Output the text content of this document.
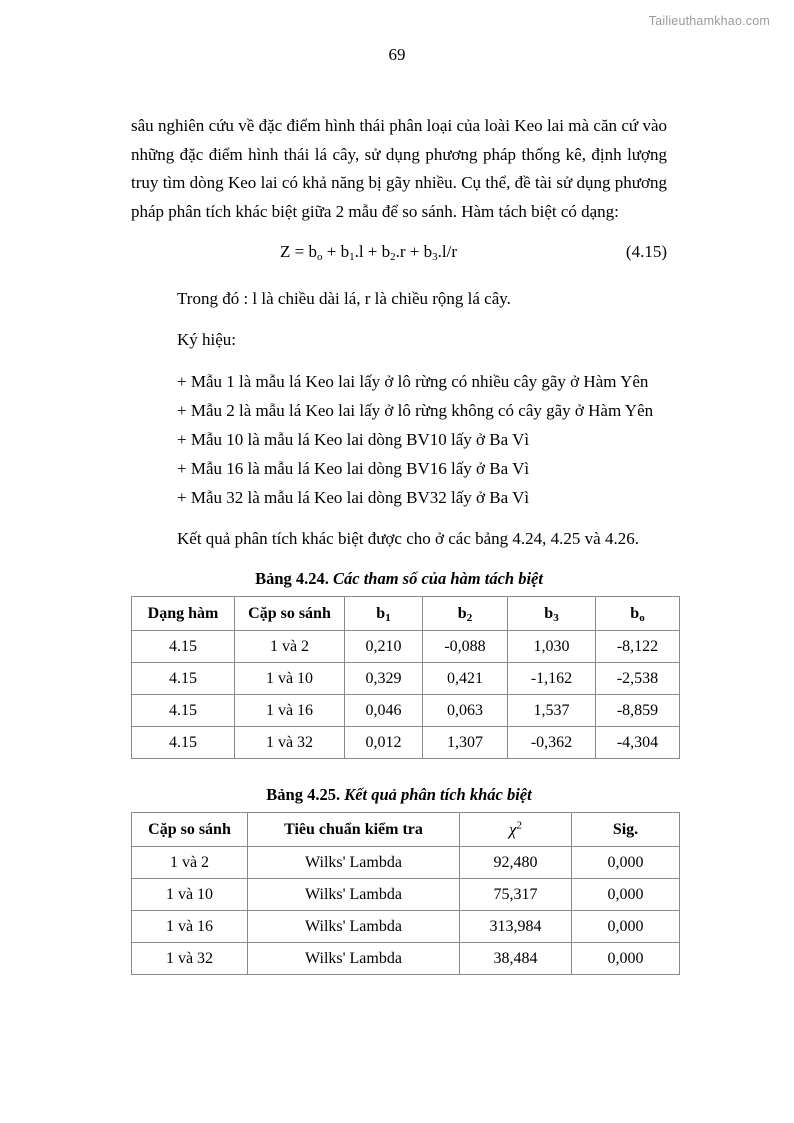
Tailieuthamkhao.com
69

sâu nghiên cứu về đặc điểm hình thái phân loại của loài Keo lai mà căn cứ vào những đặc điểm hình thái lá cây, sử dụng phương pháp thống kê, định lượng truy tìm dòng Keo lai có khả năng bị gãy nhiều. Cụ thể, đề tài sử dụng phương pháp phân tích khác biệt giữa 2 mẫu để so sánh. Hàm tách biệt có dạng:

$Z = b_o + b_1.l + b_2.r + b_3.l/r$	(4.15)

Trong đó : l là chiều dài lá, r là chiều rộng lá cây.

Ký hiệu:

+ Mẫu 1 là mẫu lá Keo lai lấy ở lô rừng có nhiều cây gãy ở Hàm Yên
+ Mẫu 2 là mẫu lá Keo lai lấy ở lô rừng không có cây gãy ở Hàm Yên
+ Mẫu 10 là mẫu lá Keo lai dòng BV10 lấy ở Ba Vì
+ Mẫu 16 là mẫu lá Keo lai dòng BV16 lấy ở Ba Vì
+ Mẫu 32 là mẫu lá Keo lai dòng BV32 lấy ở Ba Vì

Kết quả phân tích khác biệt được cho ở các bảng 4.24, 4.25 và 4.26.

Bảng 4.24. Các tham số của hàm tách biệt
Dạng hàm	Cặp so sánh	$b_1$	$b_2$	$b_3$	$b_o$
4.15	1 và 2	0,210	-0,088	1,030	-8,122
4.15	1 và 10	0,329	0,421	-1,162	-2,538
4.15	1 và 16	0,046	0,063	1,537	-8,859
4.15	1 và 32	0,012	1,307	-0,362	-4,304
Bảng 4.25. Kết quả phân tích khác biệt
Cặp so sánh	Tiêu chuẩn kiểm tra	$\chi^2$	Sig.
1 và 2	Wilks' Lambda	92,480	0,000
1 và 10	Wilks' Lambda	75,317	0,000
1 và 16	Wilks' Lambda	313,984	0,000
1 và 32	Wilks' Lambda	38,484	0,000
